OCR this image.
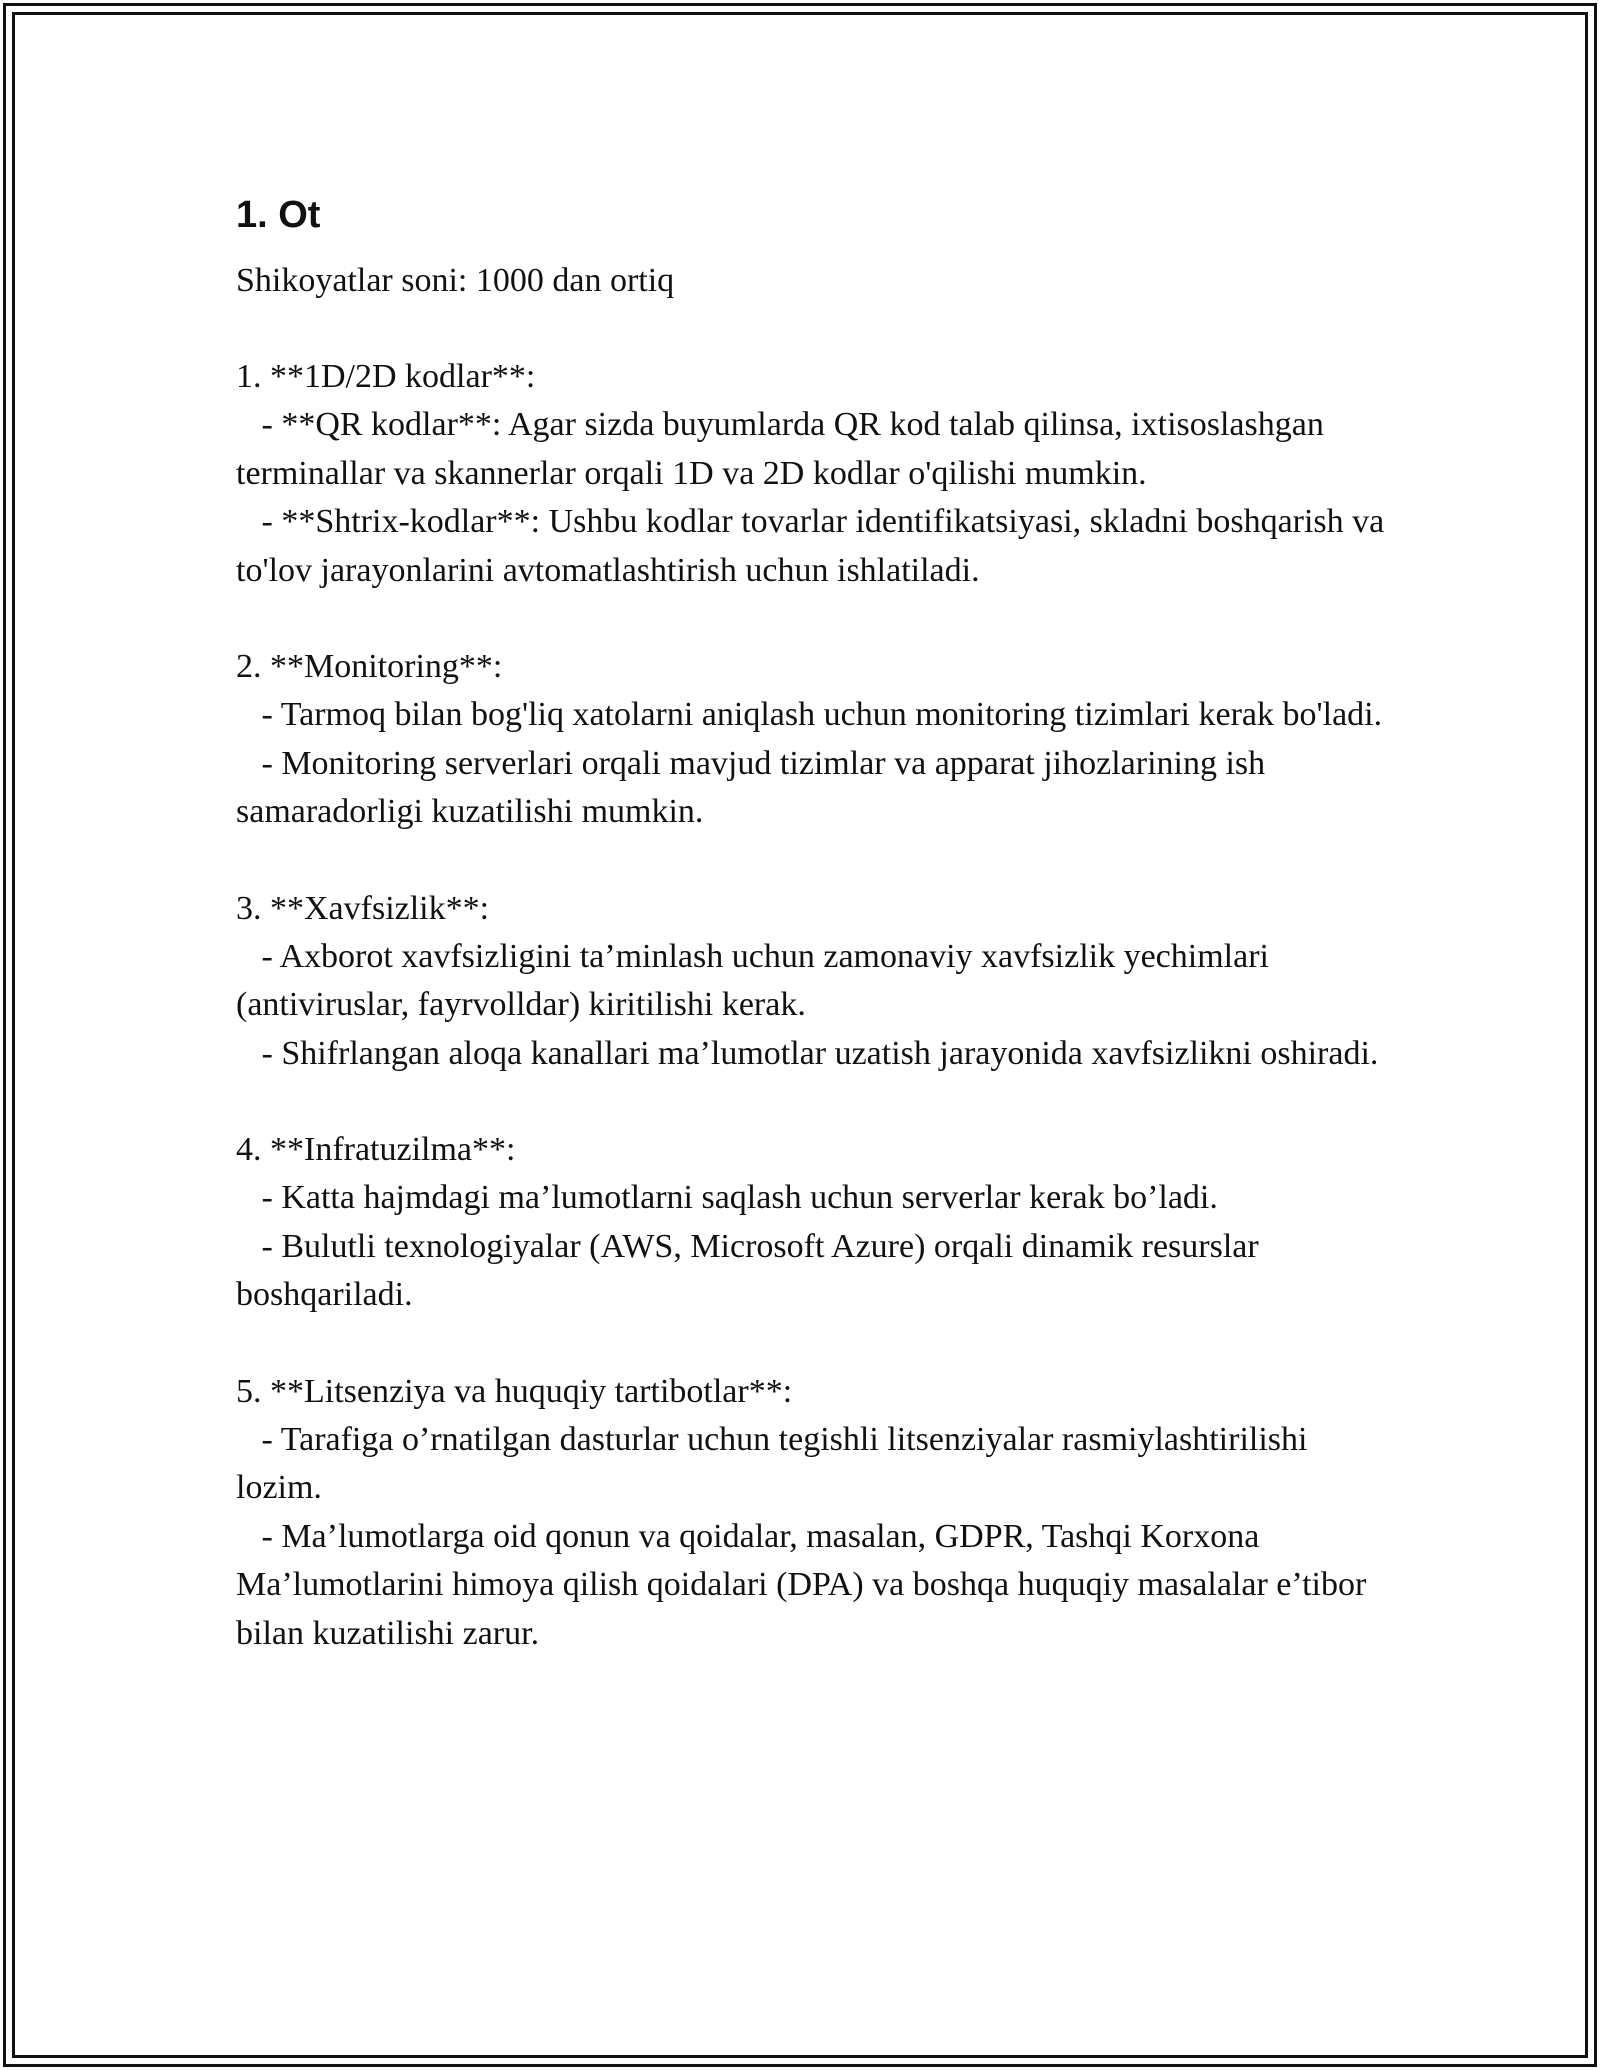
1. Ot

Shikoyatlar soni: 1000 dan ortiq

1. **1D/2D kodlar**:
- **QR kodlar**: Agar sizda buyumlarda QR kod talab qilinsa, ixtisoslashgan terminallar va skannerlar orqali 1D va 2D kodlar o'qilishi mumkin.
- **Shtrix-kodlar**: Ushbu kodlar tovarlar identifikatsiyasi, skladni boshqarish va to'lov jarayonlarini avtomatlashtirish uchun ishlatiladi.
2. **Monitoring**:
- Tarmoq bilan bog'liq xatolarni aniqlash uchun monitoring tizimlari kerak bo'ladi.
- Monitoring serverlari orqali mavjud tizimlar va apparat jihozlarining ish samaradorligi kuzatilishi mumkin.
3. **Xavfsizlik**:
- Axborot xavfsizligini ta’minlash uchun zamonaviy xavfsizlik yechimlari (antiviruslar, fayrvolldar) kiritilishi kerak.
- Shifrlangan aloqa kanallari ma’lumotlar uzatish jarayonida xavfsizlikni oshiradi.
4. **Infratuzilma**:
- Katta hajmdagi ma’lumotlarni saqlash uchun serverlar kerak bo’ladi.
- Bulutli texnologiyalar (AWS, Microsoft Azure) orqali dinamik resurslar boshqariladi.
5. **Litsenziya va huquqiy tartibotlar**:
- Tarafiga o’rnatilgan dasturlar uchun tegishli litsenziyalar rasmiylashtirilishi lozim.
- Ma’lumotlarga oid qonun va qoidalar, masalan, GDPR, Tashqi Korxona Ma’lumotlarini himoya qilish qoidalari (DPA) va boshqa huquqiy masalalar e’tibor bilan kuzatilishi zarur.
